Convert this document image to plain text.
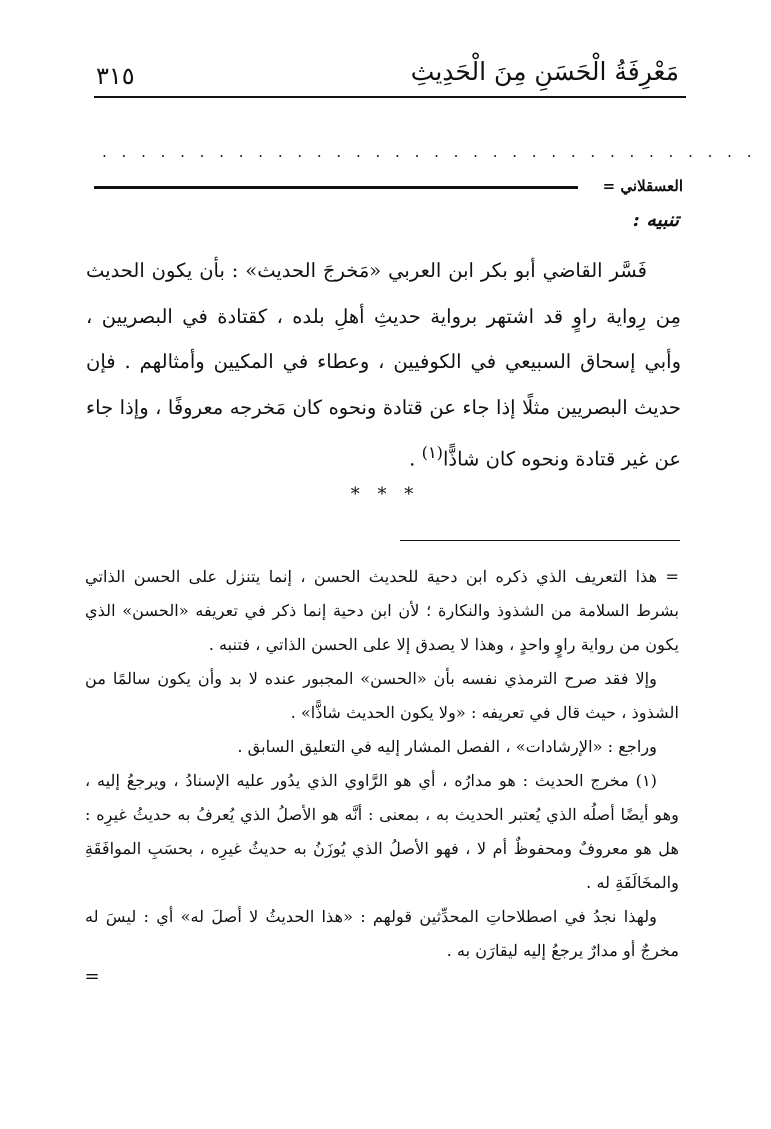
مَعْرِفَةُ الْحَسَنِ مِنَ الْحَدِيثِ
٣١٥
. . . . . . . . . . . . . . . . . . . . . . . . . . . . . . . . . .
العسقلاني =
تنبيه :

فَسَّر القاضي أبو بكر ابن العربي «مَخرجَ الحديث» : بأن يكون الحديث مِن رِواية راوٍ قد اشتهر برواية حديثِ أهلِ بلده ، كقتادة في البصريين ، وأبي إسحاق السبيعي في الكوفيين ، وعطاء في المكيين وأمثالهم . فإن حديث البصريين مثلًا إذا جاء عن قتادة ونحوه كان مَخرجه معروفًا ، وإذا جاء عن غير قتادة ونحوه كان شاذًّا$^{(١)}$ .

* * *

= هذا التعريف الذي ذكره ابن دحية للحديث الحسن ، إنما يتنزل على الحسن الذاتي بشرط السلامة من الشذوذ والنكارة ؛ لأن ابن دحية إنما ذكر في تعريفه «الحسن» الذي يكون من رواية راوٍ واحدٍ ، وهذا لا يصدق إلا على الحسن الذاتي ، فتنبه .

وإلا فقد صرح الترمذي نفسه بأن «الحسن» المجبور عنده لا بد وأن يكون سالمًا من الشذوذ ، حيث قال في تعريفه : «ولا يكون الحديث شاذًّا» .

وراجع : «الإرشادات» ، الفصل المشار إليه في التعليق السابق .

(١) مخرج الحديث : هو مدارُه ، أي هو الرَّاوي الذي يدُور عليه الإسنادُ ، ويرجعُ إليه ، وهو أيضًا أصلُه الذي يُعتبر الحديث به ، بمعنى : أنَّه هو الأصلُ الذي يُعرفُ به حديثُ غيرِه : هل هو معروفٌ ومحفوظٌ أم لا ، فهو الأصلُ الذي يُوزَنُ به حديثُ غيرِه ، بحسَبِ الموافَقَةِ والمخَالَفَةِ له .

ولهذا نجدُ في اصطلاحاتِ المحدِّثين قولهم : «هذا الحديثُ لا أصلَ له» أي : ليسَ له مخرجٌ أو مدارٌ يرجعُ إليه ليقارَن به .

=
